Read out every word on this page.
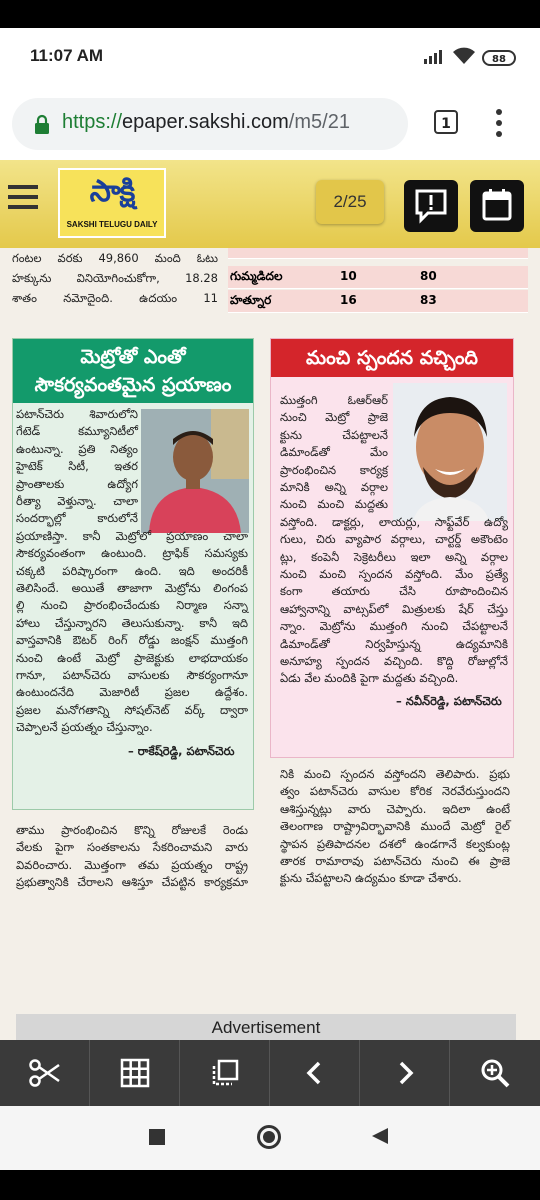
11:07 AM	88
https://epaper.sakshi.com/m5/21	1
సాక్షి
SAKSHI TELUGU DAILY
2/25
గంటల వరకు 49,860 మంది ఓటు
హక్కును వినియోగించుకోగా, 18.28
శాతం నమోదైంది. ఉదయం 11
గుమ్మడిదల	10	80
హత్నూర	16	83
మెట్రోతో ఎంతో
సౌకర్యవంతమైన ప్రయాణం
పటాన్‌చెరు శివారులోని
గేటెడ్ కమ్యూనిటీలో
ఉంటున్నా. ప్రతి నిత్యం
హైటెక్ సిటీ, ఇతర
ప్రాంతాలకు ఉద్యోగ
రీత్యా వెళ్తున్నా. చాలా
సందర్భాల్లో కారులోనే
ప్రయాణిస్తా. కానీ మెట్రోలో ప్రయాణం చాలా
సౌకర్యవంతంగా ఉంటుంది. ట్రాఫిక్ సమస్యకు
చక్కటి పరిష్కారంగా ఉంది. ఇది అందరికీ
తెలిసిందే. అయితే తాజాగా మెట్రోను లింగంప
ల్లి నుంచి ప్రారంభించేందుకు నిర్మాణ సన్నా
హాలు చేస్తున్నారని తెలుసుకున్నా. కానీ ఇది
వాస్తవానికి ఔటర్ రింగ్ రోడ్డు జంక్షన్ ముత్తంగి
నుంచి ఉంటే మెట్రో ప్రాజెక్టుకు లాభదాయకం
గానూ, పటాన్‌చెరు వాసులకు సౌకర్యంగానూ
ఉంటుందనేది మెజారిటీ ప్రజల ఉద్దేశం.
ప్రజల మనోగతాన్ని సోషల్‌నెట్ వర్క్ ద్వారా
చెప్పాలనే ప్రయత్నం చేస్తున్నాం.
– రాకేష్‌రెడ్డి, పటాన్‌చెరు
మంచి స్పందన వచ్చింది
ముత్తంగి ఓఆర్‌ఆర్
నుంచి మెట్రో ప్రాజె
క్టును చేపట్టాలనే
డిమాండ్‌తో మేం
ప్రారంభించిన కార్యక్ర
మానికి అన్ని వర్గాల
నుంచి మంచి మద్దతు
వస్తోంది. డాక్టర్లు, లాయర్లు, సాఫ్ట్‌వేర్ ఉద్యో
గులు, చిరు వ్యాపార వర్గాలు, చార్టర్డ్ అకౌంటెం
ట్లు, కంపెనీ సెక్రెటరీలు ఇలా అన్ని వర్గాల
నుంచి మంచి స్పందన వస్తోంది. మేం ప్రత్యే
కంగా తయారు చేసి రూపొందించిన
ఆహ్వానాన్ని వాట్సప్‌లో మిత్రులకు షేర్ చేస్తు
న్నాం. మెట్రోను ముత్తంగి నుంచి చేపట్టాలనే
డిమాండ్‌తో నిర్వహిస్తున్న ఉద్యమానికి
అనూహ్య స్పందన వచ్చింది. కొద్ది రోజుల్లోనే
ఏడు వేల మందికి పైగా మద్దతు వచ్చింది.
– నవీన్‌రెడ్డి, పటాన్‌చెరు
నికి మంచి స్పందన వస్తోందని తెలిపారు. ప్రభు
త్వం పటాన్‌చెరు వాసుల కోరిక నెరవేరుస్తుందని
ఆశిస్తున్నట్లు వారు చెప్పారు. ఇదిలా ఉంటే
తెలంగాణ రాష్ట్రావిర్భావానికి ముందే మెట్రో రైల్
స్థాపన ప్రతిపాదనల దశలో ఉండగానే కల్వకుంట్ల
తారక రామారావు పటాన్‌చెరు నుంచి ఈ ప్రాజె
క్టును చేపట్టాలని ఉద్యమం కూడా చేశారు.
తాము ప్రారంభించిన కొన్ని రోజులకే రెండు
వేలకు పైగా సంతకాలను సేకరించామని వారు
వివరించారు. మొత్తంగా తమ ప్రయత్నం రాష్ట్ర
ప్రభుత్వానికి చేరాలని ఆశిస్తూ చేపట్టిన కార్యక్రమా
Advertisement
